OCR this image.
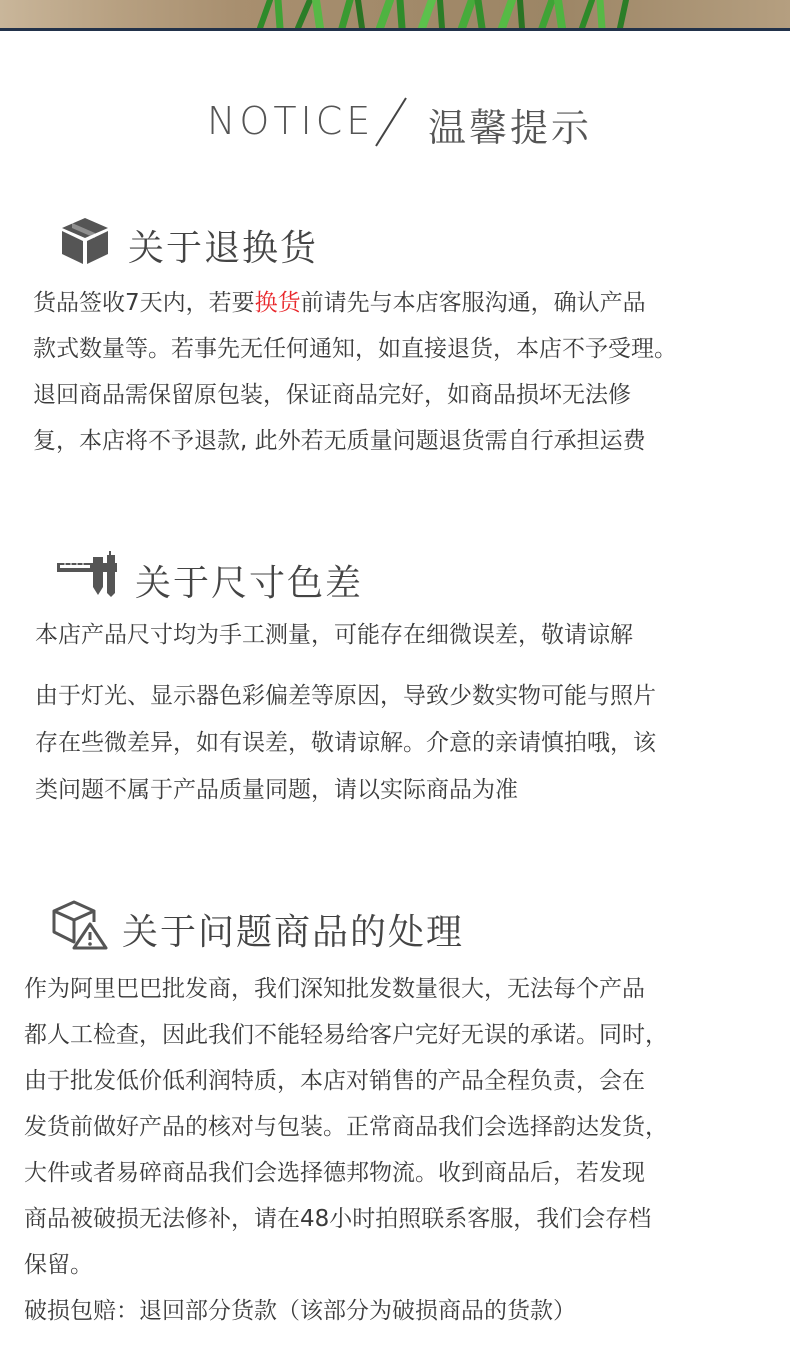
NOTICE 温馨提示
关于退换货
货品签收7天内，若要换货前请先与本店客服沟通，确认产品
款式数量等。若事先无任何通知，如直接退货，本店不予受理。
退回商品需保留原包装，保证商品完好，如商品损坏无法修
复，本店将不予退款, 此外若无质量问题退货需自行承担运费
关于尺寸色差
本店产品尺寸均为手工测量，可能存在细微误差，敬请谅解
由于灯光、显示器色彩偏差等原因，导致少数实物可能与照片
存在些微差异，如有误差，敬请谅解。介意的亲请慎拍哦，该
类问题不属于产品质量同题，请以实际商品为准
关于问题商品的处理
作为阿里巴巴批发商，我们深知批发数量很大，无法每个产品
都人工检查，因此我们不能轻易给客户完好无误的承诺。同时，
由于批发低价低利润特质，本店对销售的产品全程负责，会在
发货前做好产品的核对与包装。正常商品我们会选择韵达发货，
大件或者易碎商品我们会选择德邦物流。收到商品后，若发现
商品被破损无法修补，请在48小时拍照联系客服，我们会存档
保留。
破损包赔：退回部分货款（该部分为破损商品的货款）
